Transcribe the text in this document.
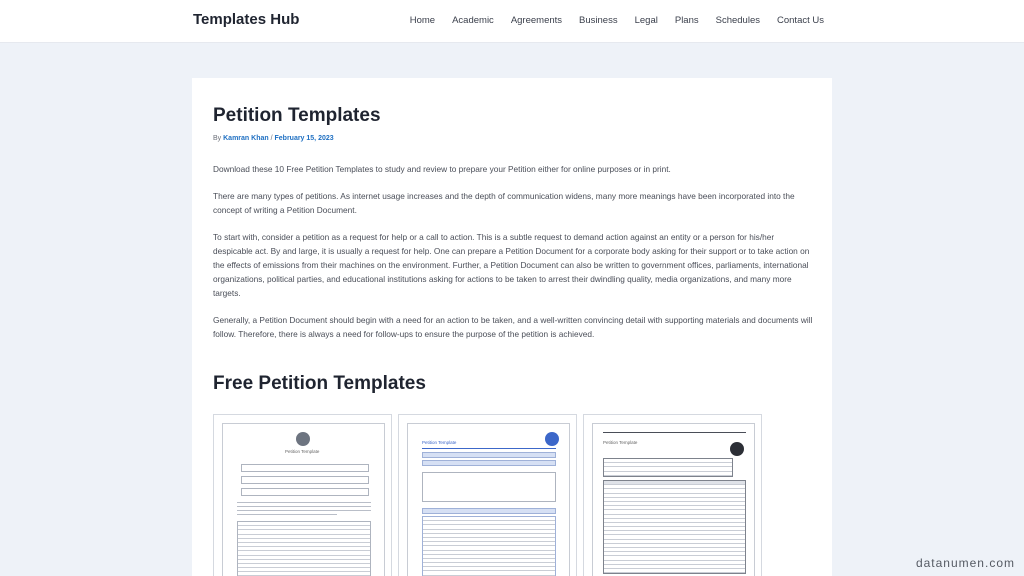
Templates Hub	Home Academic Agreements Business Legal Plans Schedules Contact Us
Petition Templates
By Kamran Khan / February 15, 2023

Download these 10 Free Petition Templates to study and review to prepare your Petition either for online purposes or in print.

There are many types of petitions. As internet usage increases and the depth of communication widens, many more meanings have been incorporated into the concept of writing a Petition Document.

To start with, consider a petition as a request for help or a call to action. This is a subtle request to demand action against an entity or a person for his/her despicable act. By and large, it is usually a request for help. One can prepare a Petition Document for a corporate body asking for their support or to take action on the effects of emissions from their machines on the environment. Further, a Petition Document can also be written to government offices, parliaments, international organizations, political parties, and educational institutions asking for actions to be taken to arrest their dwindling quality, media organizations, and many more targets.

Generally, a Petition Document should begin with a need for an action to be taken, and a well-written convincing detail with supporting materials and documents will follow. Therefore, there is always a need for follow-ups to ensure the purpose of the petition is achieved.

Free Petition Templates
Petition Template
Petition Template	Petition Template
datanumen.com
